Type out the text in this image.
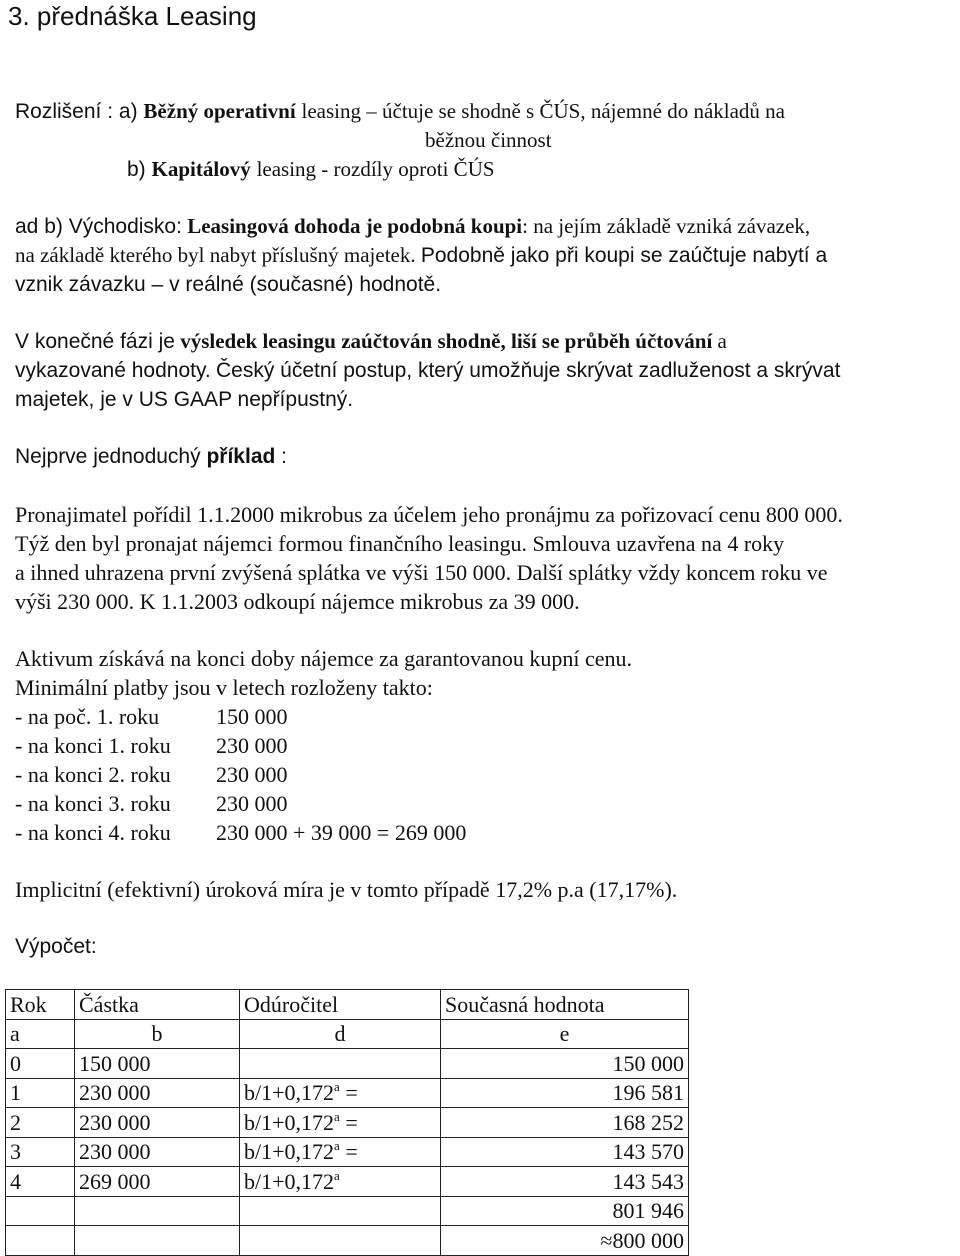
3. přednáška Leasing
Rozlišení : a) Běžný operativní leasing – účtuje se shodně s ČÚS, nájemné do nákladů na
běžnou činnost
b) Kapitálový leasing - rozdíly oproti ČÚS
ad b) Východisko: Leasingová dohoda je podobná koupi: na jejím základě vzniká závazek,
na základě kterého byl nabyt příslušný majetek. Podobně jako při koupi se zaúčtuje nabytí a
vznik závazku – v reálné (současné) hodnotě.
V konečné fázi je výsledek leasingu zaúčtován shodně, liší se průběh účtování a
vykazované hodnoty. Český účetní postup, který umožňuje skrývat zadluženost a skrývat
majetek, je v US GAAP nepřípustný.
Nejprve jednoduchý příklad :
Pronajimatel pořídil 1.1.2000 mikrobus za účelem jeho pronájmu za pořizovací cenu 800 000.
Týž den byl pronajat nájemci formou finančního leasingu. Smlouva uzavřena na 4 roky
a ihned uhrazena první zvýšená splátka ve výši 150 000. Další splátky vždy koncem roku ve
výši 230 000. K 1.1.2003 odkoupí nájemce mikrobus za 39 000.
Aktivum získává na konci doby nájemce za garantovanou kupní cenu.
Minimální platby jsou v letech rozloženy takto:
- na poč. 1. roku	150 000
- na konci 1. roku 230 000
- na konci 2. roku 230 000
- na konci 3. roku 230 000
- na konci 4. roku 230 000 + 39 000 = 269 000
Implicitní (efektivní) úroková míra je v tomto případě 17,2% p.a (17,17%).
Výpočet:
Rok	Částka	Odúročitel	Současná hodnota
a	b	d	e
0	150 000		150 000
1	230 000	b/1+0,172$^a$ =	196 581
2	230 000	b/1+0,172$^a$ =	168 252
3	230 000	b/1+0,172$^a$ =	143 570
4	269 000	b/1+0,172$^a$	143 543
			801 946
			≈800 000
